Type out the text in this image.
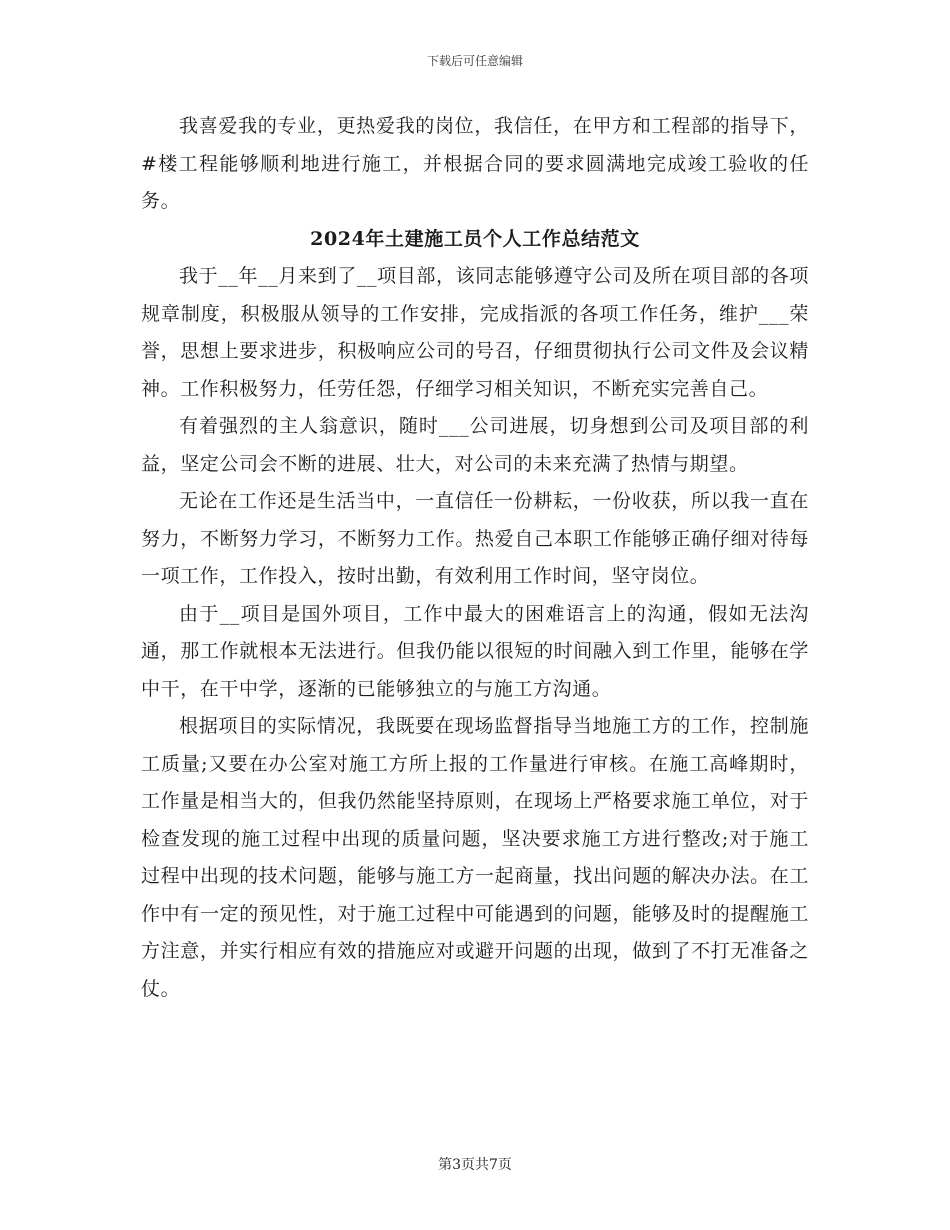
下载后可任意编辑

我喜爱我的专业，更热爱我的岗位，我信任，在甲方和工程部的指导下，#楼工程能够顺利地进行施工，并根据合同的要求圆满地完成竣工验收的任务。

2024年土建施工员个人工作总结范文

我于__年__月来到了__项目部，该同志能够遵守公司及所在项目部的各项规章制度，积极服从领导的工作安排，完成指派的各项工作任务，维护___荣誉，思想上要求进步，积极响应公司的号召，仔细贯彻执行公司文件及会议精神。工作积极努力，任劳任怨，仔细学习相关知识，不断充实完善自己。

有着强烈的主人翁意识，随时___公司进展，切身想到公司及项目部的利益，坚定公司会不断的进展、壮大，对公司的未来充满了热情与期望。

无论在工作还是生活当中，一直信任一份耕耘，一份收获，所以我一直在努力，不断努力学习，不断努力工作。热爱自己本职工作能够正确仔细对待每一项工作，工作投入，按时出勤，有效利用工作时间，坚守岗位。

由于__项目是国外项目，工作中最大的困难语言上的沟通，假如无法沟通，那工作就根本无法进行。但我仍能以很短的时间融入到工作里，能够在学中干，在干中学，逐渐的已能够独立的与施工方沟通。

根据项目的实际情况，我既要在现场监督指导当地施工方的工作，控制施工质量;又要在办公室对施工方所上报的工作量进行审核。在施工高峰期时，工作量是相当大的，但我仍然能坚持原则，在现场上严格要求施工单位，对于检查发现的施工过程中出现的质量问题，坚决要求施工方进行整改;对于施工过程中出现的技术问题，能够与施工方一起商量，找出问题的解决办法。在工作中有一定的预见性，对于施工过程中可能遇到的问题，能够及时的提醒施工方注意，并实行相应有效的措施应对或避开问题的出现，做到了不打无准备之仗。

第3页共7页
